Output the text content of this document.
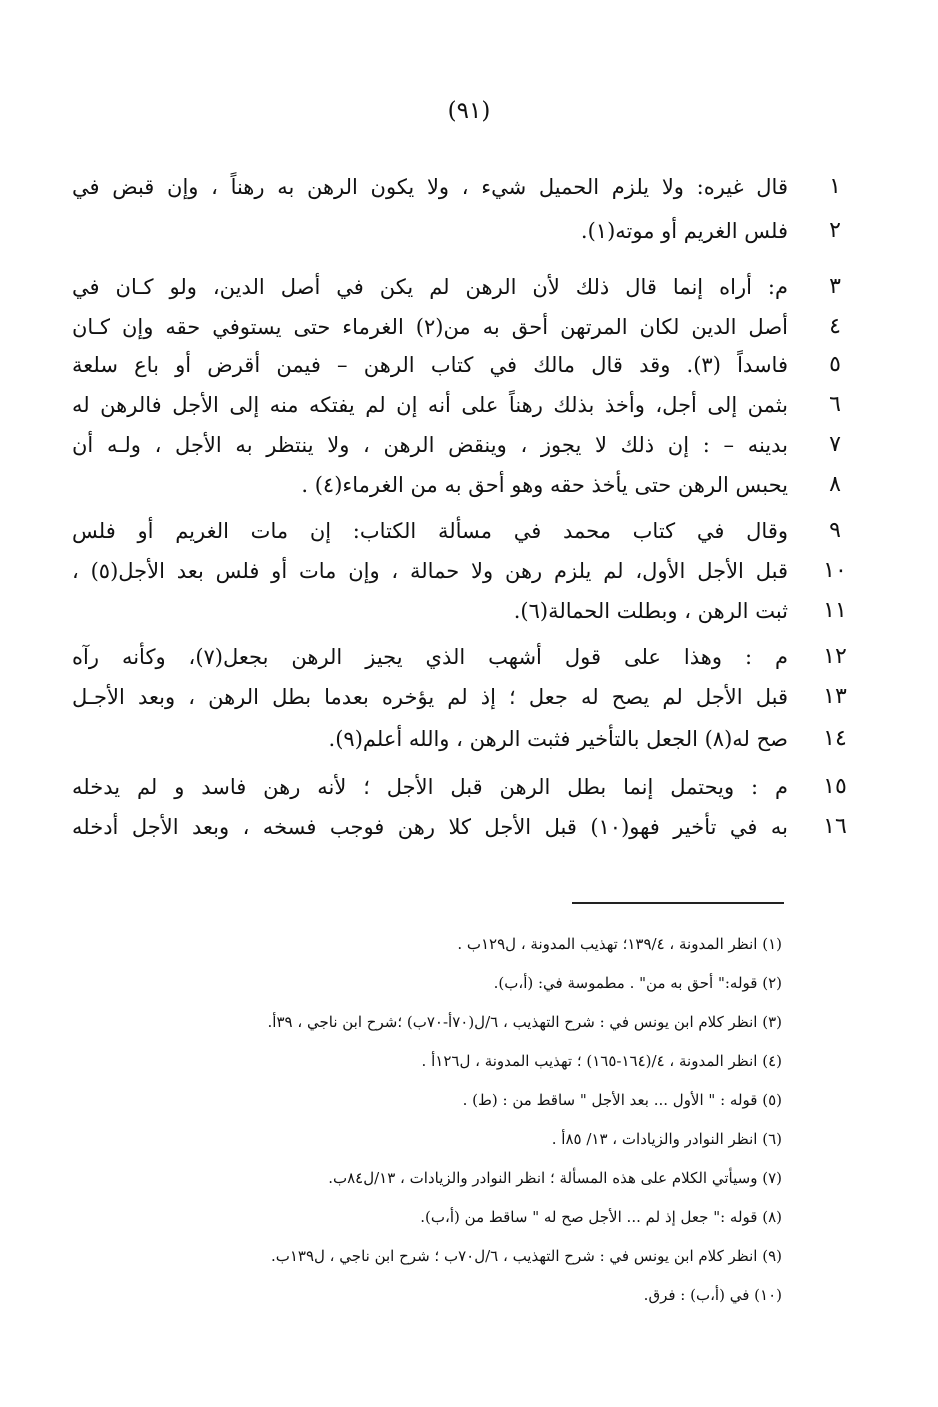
(٩١)
١
قال غيره: ولا يلزم الحميل شيء ، ولا يكون الرهن به رهناً ، وإن قبض في
٢
فلس الغريم أو موته(١).
٣
م: أراه إنما قال ذلك لأن الرهن لم يكن في أصل الدين، ولو كـان في
٤
أصل الدين لكان المرتهن أحق به من(٢) الغرماء حتى يستوفي حقه وإن كـان
٥
فاسداً (٣). وقد قال مالك في كتاب الرهن – فيمن أقرض أو باع سلعة
٦
بثمن إلى أجل، وأخذ بذلك رهناً على أنه إن لم يفتكه منه إلى الأجل فالرهن له
٧
بدينه – : إن ذلك لا يجوز ، وينقض الرهن ، ولا ينتظر به الأجل ، ولـه أن
٨
يحبس الرهن حتى يأخذ حقه وهو أحق به من الغرماء(٤) .
٩
وقال في كتاب محمد في مسألة الكتاب: إن مات الغريم أو فلس
١٠
قبل الأجل الأول، لم يلزم رهن ولا حمالة ، وإن مات أو فلس بعد الأجل(٥) ،
١١
ثبت الرهن ، وبطلت الحمالة(٦).
١٢
م : وهذا على قول أشهب الذي يجيز الرهن بجعل(٧)، وكأنه رآه
١٣
قبل الأجل لم يصح له جعل ؛ إذ لم يؤخره بعدما بطل الرهن ، وبعد الأجـل
١٤
صح له(٨) الجعل بالتأخير فثبت الرهن ، والله أعلم(٩).
١٥
م : ويحتمل إنما بطل الرهن قبل الأجل ؛ لأنه رهن فاسد و لم يدخله
١٦
به في تأخير فهو(١٠) قبل الأجل كلا رهن فوجب فسخه ، وبعد الأجل أدخله
(١) انظر المدونة ، ١٣٩/٤؛ تهذيب المدونة ، ل١٢٩ب .
(٢) قوله:" أحق به من" . مطموسة في: (أ،ب).
(٣) انظر كلام ابن يونس في : شرح التهذيب ، ٦/ل(٧٠أ-٧٠ب) ؛شرح ابن ناجي ، ٣٩أ.
(٤) انظر المدونة ، ٤/(١٦٤-١٦٥) ؛ تهذيب المدونة ، ل١٢٦أ .
(٥) قوله : " الأول ... بعد الأجل " ساقط من : (ط) .
(٦) انظر النوادر والزيادات ، ١٣/ ٨٥أ .
(٧) وسيأتي الكلام على هذه المسألة ؛ انظر النوادر والزيادات ، ١٣/ل٨٤ب.
(٨) قوله :" جعل إذ لم ... الأجل صح له " ساقط من (أ،ب).
(٩) انظر كلام ابن يونس في : شرح التهذيب ، ٦/ل٧٠ب ؛ شرح ابن ناجي ، ل١٣٩ب.
(١٠) في (أ،ب) : فرق.
